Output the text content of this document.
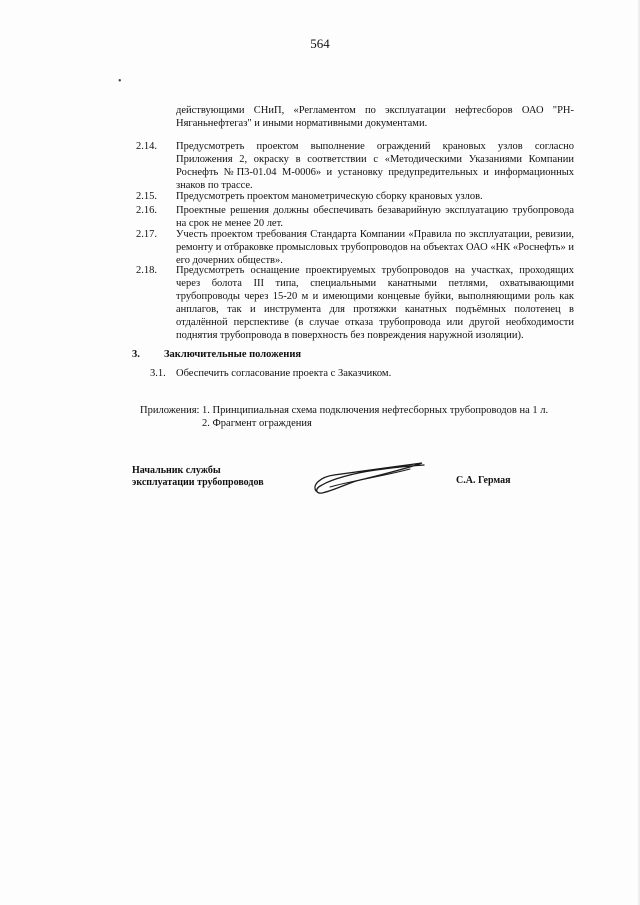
564
•
действующими СНиП, «Регламентом по эксплуатации нефтесборов ОАО "РН-Няганьнефтегаз" и иными нормативными документами.
2.14. Предусмотреть проектом выполнение ограждений крановых узлов согласно Приложения 2, окраску в соответствии с «Методическими Указаниями Компании Роснефть №П3-01.04 М-0006» и установку предупредительных и информационных знаков по трассе.
2.15. Предусмотреть проектом манометрическую сборку крановых узлов.
2.16. Проектные решения должны обеспечивать безаварийную эксплуатацию трубопровода на срок не менее 20 лет.
2.17. Учесть проектом требования Стандарта Компании «Правила по эксплуатации, ревизии, ремонту и отбраковке промысловых трубопроводов на объектах ОАО «НК «Роснефть» и его дочерних обществ».
2.18. Предусмотреть оснащение проектируемых трубопроводов на участках, проходящих через болота III типа, специальными канатными петлями, охватывающими трубопроводы через 15-20 м и имеющими концевые буйки, выполняющими роль как анплагов, так и инструмента для протяжки канатных подъёмных полотенец в отдалённой перспективе (в случае отказа трубопровода или другой необходимости поднятия трубопровода в поверхность без повреждения наружной изоляции).
3. Заключительные положения
3.1. Обеспечить согласование проекта с Заказчиком.
Приложения: 1. Принципиальная схема подключения нефтесборных трубопроводов на 1 л.
2. Фрагмент ограждения
Начальник службы
эксплуатации трубопроводов	С.А. Гермая
